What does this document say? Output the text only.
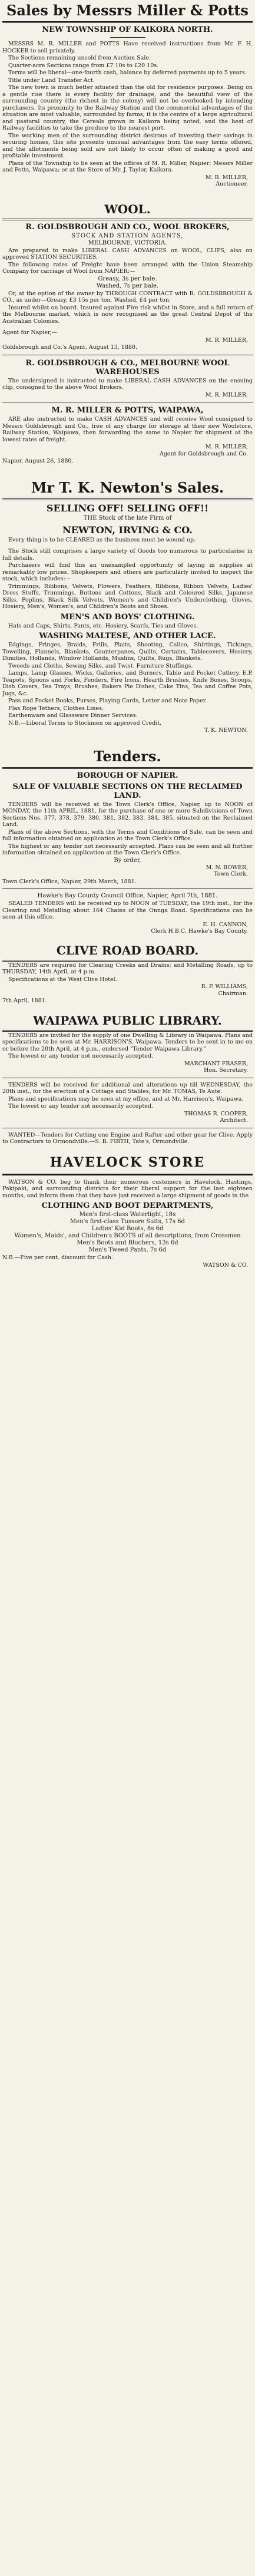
Sales by Messrs Miller & Potts
NEW TOWNSHIP OF KAIKORA NORTH.
MESSRS M. R. MILLER and POTTS Have received instructions from Mr. F. H. HOCKER to sell privately.
The Sections remaining unsold from Auction Sale.
Quarter-acre Sections range from £7 10s to £20 10s.
Terms will be liberal—one-fourth cash, balance by deferred payments up to 5 years.
Title under Land Transfer Act.
The new town is much better situated than the old for residence purposes. Being on a gentle rise there is every facility for drainage, and the beautiful view of the surrounding country (the richest in the colony) will not be overlooked by intending purchasers. Its proximity to the Railway Station and the commercial advantages of the situation are most valuable, surrounded by farms; it is the centre of a large agricultural and pastoral country, the Cereals grown in Kaikora being noted, and the best of Railway facilities to take the produce to the nearest port.
The working men of the surrounding district desirous of investing their savings in securing homes, this site presents unusual advantages from the easy terms offered, and the allotments being sold are not likely to occur often of making a good and profitable investment.
Plans of the Township to be seen at the offices of M. R. Miller, Napier; Messrs Miller and Potts, Waipawa; or at the Store of Mr. J. Taylor, Kaikora.
M. R. MILLER,
Auctioneer.
WOOL.
R. GOLDSBROUGH AND CO., WOOL BROKERS,
STOCK AND STATION AGENTS,
MELBOURNE, VICTORIA.
Are prepared to make LIBERAL CASH ADVANCES on WOOL, CLIPS, also on approved STATION SECURITIES.
The following rates of Freight have been arranged with the Union Steamship Company for carriage of Wool from NAPIER:—
Greasy, 3s per bale.
Washed, 7s per bale.
Or, at the option of the owner by THROUGH CONTRACT with R. GOLDSBROUGH & CO., as under—Greasy, £3 15s per ton. Washed, £4 per ton.
Insured whilst on board. Insured against Fire risk whilst in Store, and a full return of the Melbourne market, which is now recognised as the great Central Depot of the Australian Colonies.
Agent for Napier,—
M. R. MILLER,
Goldsbrough and Co.'s Agent. August 13, 1880.
R. GOLDSBROUGH & CO., MELBOURNE WOOL WAREHOUSES
The undersigned is instructed to make LIBERAL CASH ADVANCES on the ensuing clip, consigned to the above Wool Brokers.
M. R. MILLER.
M. R. MILLER & POTTS, WAIPAWA,
ARE also instructed to make CASH ADVANCES and will receive Wool consigned to Messrs Goldsbrough and Co., free of any charge for storage at their new Woolstore, Railway Station, Waipawa, then forwarding the same to Napier for shipment at the lowest rates of freight.
M. R. MILLER,
Agent for Goldsbrough and Co.
Napier, August 26, 1880.
Mr T. K. Newton's Sales.
SELLING OFF! SELLING OFF!!
THE Stock of the late Firm of
NEWTON, IRVING & CO.
Every thing is to be CLEARED as the business must be wound up.
The Stock still comprises a large variety of Goods too numerous to particularise in full details.
Purchasers will find this an unexampled opportunity of laying in supplies at remarkably low prices. Shopkeepers and others are particularly invited to inspect the stock, which includes:—
Trimmings, Ribbons, Velvets, Flowers, Feathers, Ribbons, Ribbon Velvets, Ladies' Dress Stuffs, Trimmings, Buttons and Cottons, Black and Coloured Silks, Japanese Silks, Poplins, Black Silk Velvets, Women's and Children's Underclothing, Gloves, Hosiery, Men's, Women's, and Children's Boots and Shoes.
MEN'S AND BOYS' CLOTHING.
Hats and Caps, Shirts, Pants, etc. Hosiery, Scarfs, Ties and Gloves.
WASHING MALTESE, AND OTHER LACE.
Edgings, Fringes, Braids, Frills, Plaits, Shooting, Calico, Shirtings, Tickings, Towelling, Flannels, Blankets, Counterpanes, Quilts, Curtains, Tablecovers, Hosiery, Dimities, Hollands, Window Hollands, Muslins, Quilts, Rugs, Blankets.
Tweeds and Cloths, Sewing Silks, and Twist. Furniture Stuffings.
Lamps, Lamp Glasses, Wicks, Galleries, and Burners, Table and Pocket Cutlery, E.P. Teapots, Spoons and Forks, Fenders, Fire Irons, Hearth Brushes, Knife Boxes, Scoops, Dish Covers, Tea Trays, Brushes, Bakers Pie Dishes, Cake Tins, Tea and Coffee Pots, Jugs, &c.
Pass and Pocket Books, Purses, Playing Cards, Letter and Note Paper.
Flax Rope Tethers, Clothes Lines.
Earthenware and Glassware Dinner Services.
N.B.—Liberal Terms to Stockmen on approved Credit.
T. K. NEWTON.
Tenders.
BOROUGH OF NAPIER.
SALE OF VALUABLE SECTIONS ON THE RECLAIMED LAND.
TENDERS will be received at the Town Clerk's Office, Napier, up to NOON of MONDAY, the 11th APRIL, 1881, for the purchase of one or more Subdivisions of Town Sections Nos. 377, 378, 379, 380, 381, 382, 383, 384, 385, situated on the Reclaimed Land.
Plans of the above Sections, with the Terms and Conditions of Sale, can be seen and full information obtained on application at the Town Clerk's Office.
The highest or any tender not necessarily accepted. Plans can be seen and all further information obtained on application at the Town Clerk's Office.
By order,
M. N. BOWER,
Town Clerk.
Town Clerk's Office, Napier, 29th March, 1881.
Hawke's Bay County Council Office, Napier, April 7th, 1881.
SEALED TENDERS will be received up to NOON of TUESDAY, the 19th inst., for the Clearing and Metalling about 164 Chains of the Onnga Road. Specifications can be seen at this office.
E. H. CANNON,
Clerk H.B.C. Hawke's Bay County.
CLIVE ROAD BOARD.
TENDERS are required for Clearing Creeks and Drains; and Metalling Roads, up to THURSDAY, 14th April, at 4 p.m.
Specifications at the West Clive Hotel.
R. P. WILLIAMS,
Chairman.
7th April, 1881.
WAIPAWA PUBLIC LIBRARY.
TENDERS are invited for the supply of one Dwelling & Library in Waipawa. Plans and specifications to be seen at Mr. HARRISON'S, Waipawa. Tenders to be sent in to me on or before the 20th April, at 4 p.m., endorsed "Tender Waipawa Library."
The lowest or any tender not necessarily accepted.
MARCHANT FRASER,
Hon. Secretary.
TENDERS will be received for additional and alterations up till WEDNESDAY, the 20th inst., for the erection of a Cottage and Stables, for Mr. TOMAS, Te Aute.
Plans and specifications may be seen at my office, and at Mr. Harrison's, Waipawa.
The lowest or any tender not necessarily accepted.
THOMAS R. COOPER,
Architect.
WANTED—Tenders for Cutting one Engine and Rafter and other gear for Clive. Apply to Contractors to Ormondville.—S. B. FIRTH, Tate's, Ormondville.
HAVELOCK STORE
WATSON & CO. beg to thank their numerous customers in Havelock, Hastings, Pakipaki, and surrounding districts for their liberal support for the last eighteen months, and inform them that they have just received a large shipment of goods in the
CLOTHING AND BOOT DEPARTMENTS,
Men's first-class Waterlight, 18s
Men's first-class Tussore Suits, 17s 6d
Ladies' Kid Boots, 8s 6d
Women's, Maids', and Children's BOOTS of all descriptions, from Crossmen
Men's Boots and Bluchers, 13s 6d
Men's Tweed Pants, 7s 6d
N.B.—Five per cent. discount for Cash.
WATSON & CO.
